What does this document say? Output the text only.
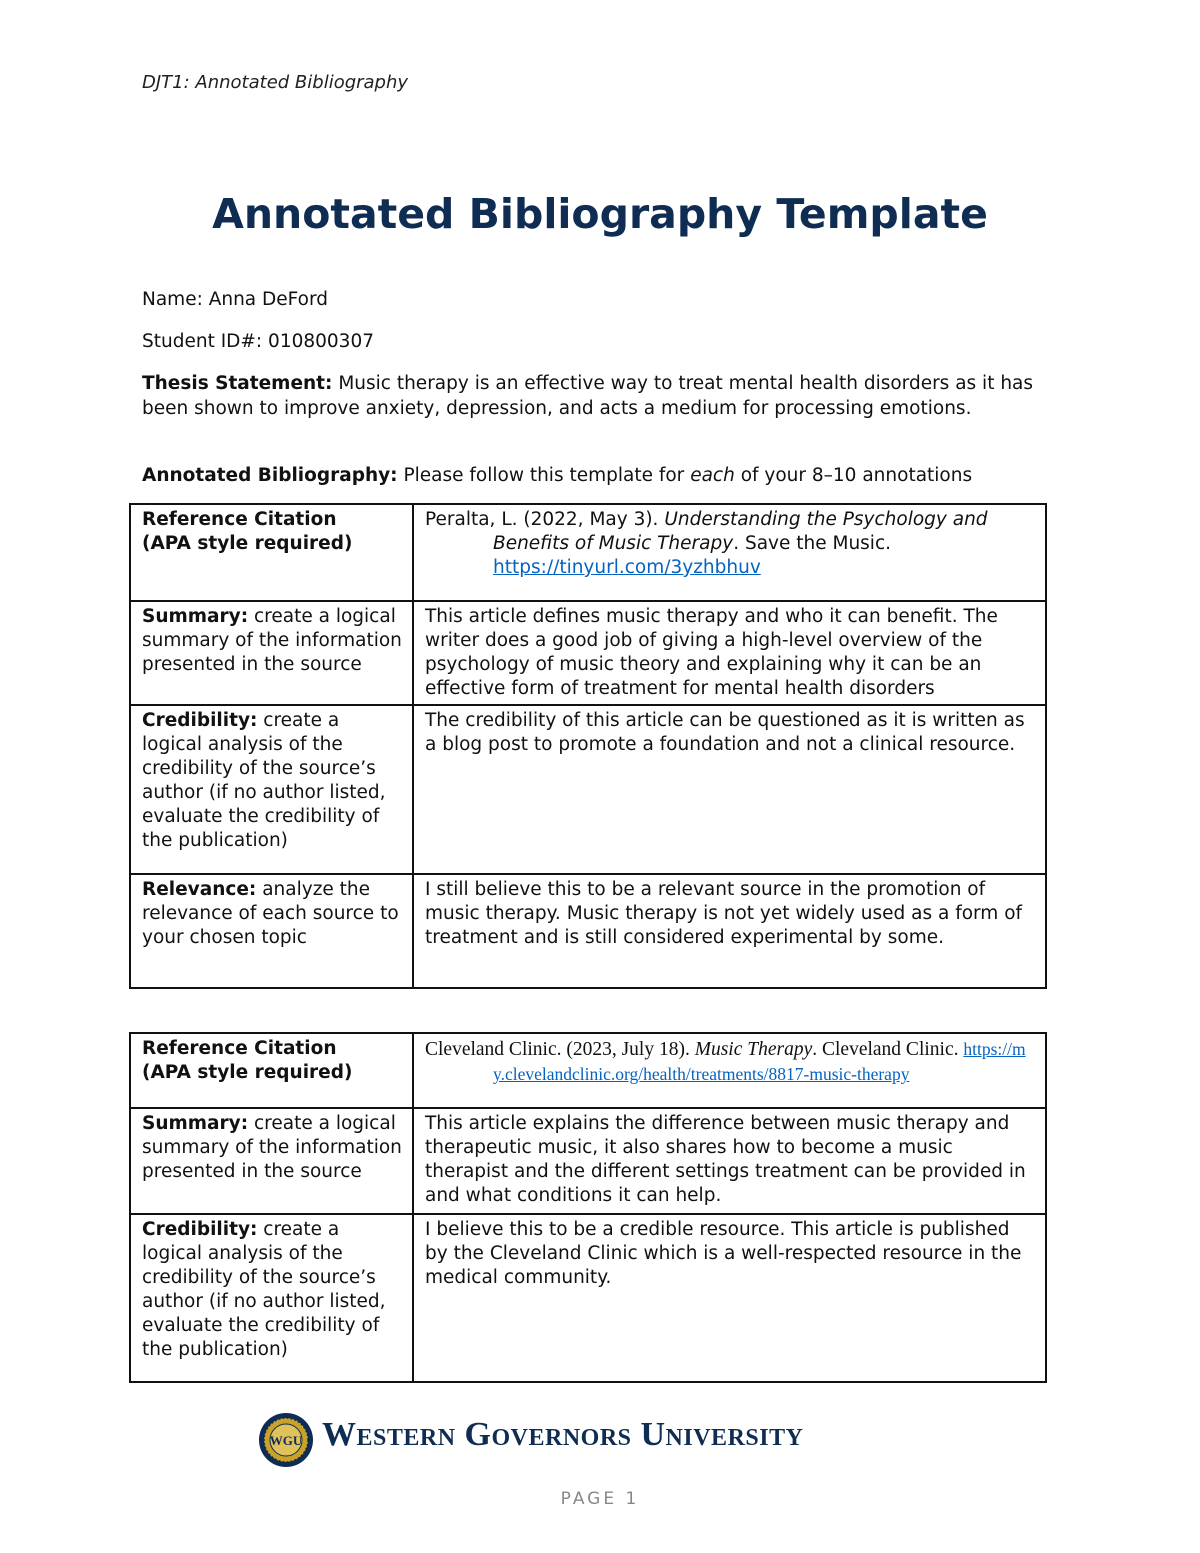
DJT1: Annotated Bibliography
Annotated Bibliography Template
Name: Anna DeFord
Student ID#: 010800307
Thesis Statement: Music therapy is an effective way to treat mental health disorders as it has been shown to improve anxiety, depression, and acts a medium for processing emotions.
Annotated Bibliography: Please follow this template for each of your 8–10 annotations
Reference Citation
(APA style required)	Peralta, L. (2022, May 3). Understanding the Psychology and Benefits of Music Therapy. Save the Music. https://tinyurl.com/3yzhbhuv

Summary: create a logical summary of the information presented in the source	This article defines music therapy and who it can benefit. The writer does a good job of giving a high-level overview of the psychology of music theory and explaining why it can be an effective form of treatment for mental health disorders
Credibility: create a logical analysis of the credibility of the source’s author (if no author listed, evaluate the credibility of the publication)	The credibility of this article can be questioned as it is written as a blog post to promote a foundation and not a clinical resource.
Relevance: analyze the relevance of each source to your chosen topic	I still believe this to be a relevant source in the promotion of music therapy. Music therapy is not yet widely used as a form of treatment and is still considered experimental by some.
Reference Citation
(APA style required)	Cleveland Clinic. (2023, July 18). Music Therapy. Cleveland Clinic. https://my.clevelandclinic.org/health/treatments/8817-music-therapy

Summary: create a logical summary of the information presented in the source	This article explains the difference between music therapy and therapeutic music, it also shares how to become a music therapist and the different settings treatment can be provided in and what conditions it can help.
Credibility: create a logical analysis of the credibility of the source’s author (if no author listed, evaluate the credibility of the publication)	I believe this to be a credible resource. This article is published by the Cleveland Clinic which is a well-respected resource in the medical community.
WGU Western Governors University
PAGE 1
